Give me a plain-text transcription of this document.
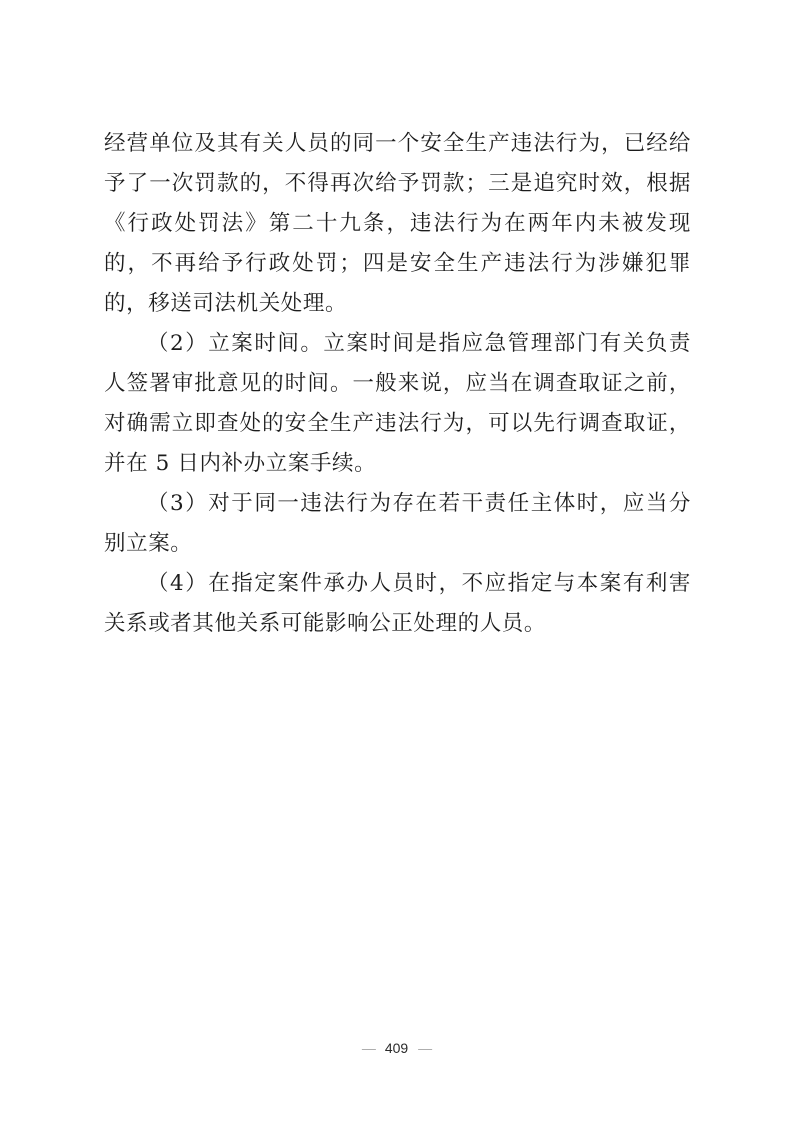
经营单位及其有关人员的同一个安全生产违法行为，已经给予了一次罚款的，不得再次给予罚款；三是追究时效，根据《行政处罚法》第二十九条，违法行为在两年内未被发现的，不再给予行政处罚；四是安全生产违法行为涉嫌犯罪的，移送司法机关处理。

（2）立案时间。立案时间是指应急管理部门有关负责人签署审批意见的时间。一般来说，应当在调查取证之前，对确需立即查处的安全生产违法行为，可以先行调查取证，并在 5 日内补办立案手续。

（3）对于同一违法行为存在若干责任主体时，应当分别立案。

（4）在指定案件承办人员时，不应指定与本案有利害关系或者其他关系可能影响公正处理的人员。

— 409 —
